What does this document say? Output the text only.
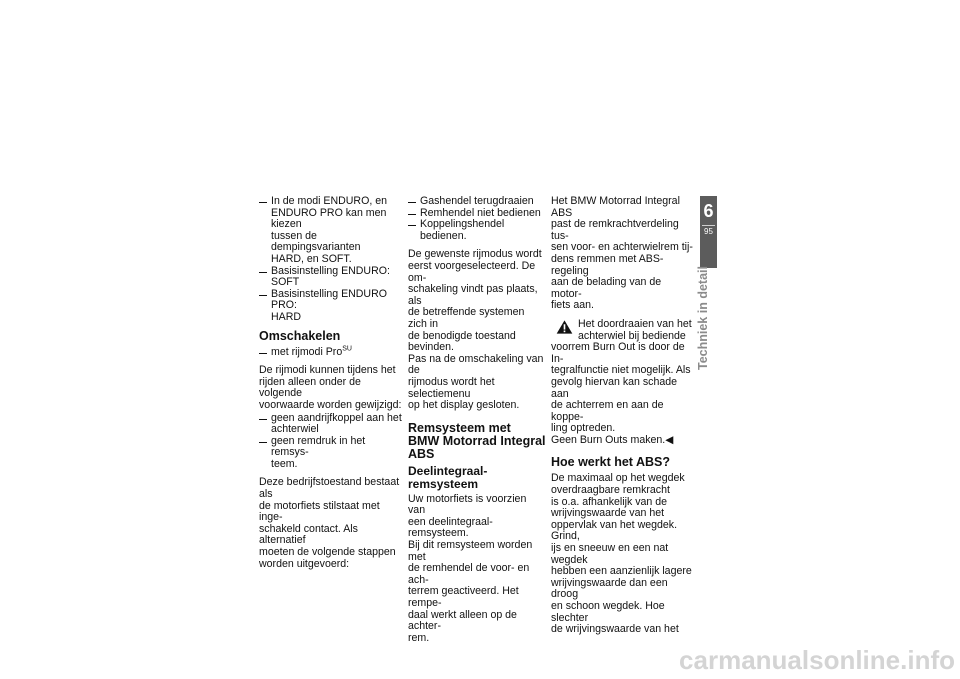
In de modi ENDURO, en
ENDURO PRO kan men kiezen
tussen de dempingsvarianten
HARD, en SOFT.
Basisinstelling ENDURO: SOFT
Basisinstelling ENDURO PRO:
HARD
Omschakelen
met rijmodi Pro$^{SU}$

De rijmodi kunnen tijdens het
rijden alleen onder de volgende
voorwaarde worden gewijzigd:

geen aandrijfkoppel aan het
achterwiel
geen remdruk in het remsys-
teem.

Deze bedrijfstoestand bestaat als
de motorfiets stilstaat met inge-
schakeld contact. Als alternatief
moeten de volgende stappen
worden uitgevoerd:

Gashendel terugdraaien
Remhendel niet bedienen
Koppelingshendel bedienen.

De gewenste rijmodus wordt
eerst voorgeselecteerd. De om-
schakeling vindt pas plaats, als
de betreffende systemen zich in
de benodigde toestand bevinden.
Pas na de omschakeling van de
rijmodus wordt het selectiemenu
op het display gesloten.

Remsysteem met
BMW Motorrad Integral
ABS
Deelintegraal-remsysteem

Uw motorfiets is voorzien van
een deelintegraal-remsysteem.
Bij dit remsysteem worden met
de remhendel de voor- en ach-
terrem geactiveerd. Het rempe-
daal werkt alleen op de achter-
rem.

Het BMW Motorrad Integral ABS
past de remkrachtverdeling tus-
sen voor- en achterwielrem tij-
dens remmen met ABS-regeling
aan de belading van de motor-
fiets aan.

Het doordraaien van het
achterwiel bij bediende
voorrem Burn Out is door de In-
tegralfunctie niet mogelijk. Als
gevolg hiervan kan schade aan
de achterrem en aan de koppe-
ling optreden.
Geen Burn Outs maken.◀
Hoe werkt het ABS?

De maximaal op het wegdek
overdraagbare remkracht
is o.a. afhankelijk van de
wrijvingswaarde van het
oppervlak van het wegdek. Grind,
ijs en sneeuw en een nat wegdek
hebben een aanzienlijk lagere
wrijvingswaarde dan een droog
en schoon wegdek. Hoe slechter
de wrijvingswaarde van het

6
95
Techniek in detail
carmanualsonline.info
